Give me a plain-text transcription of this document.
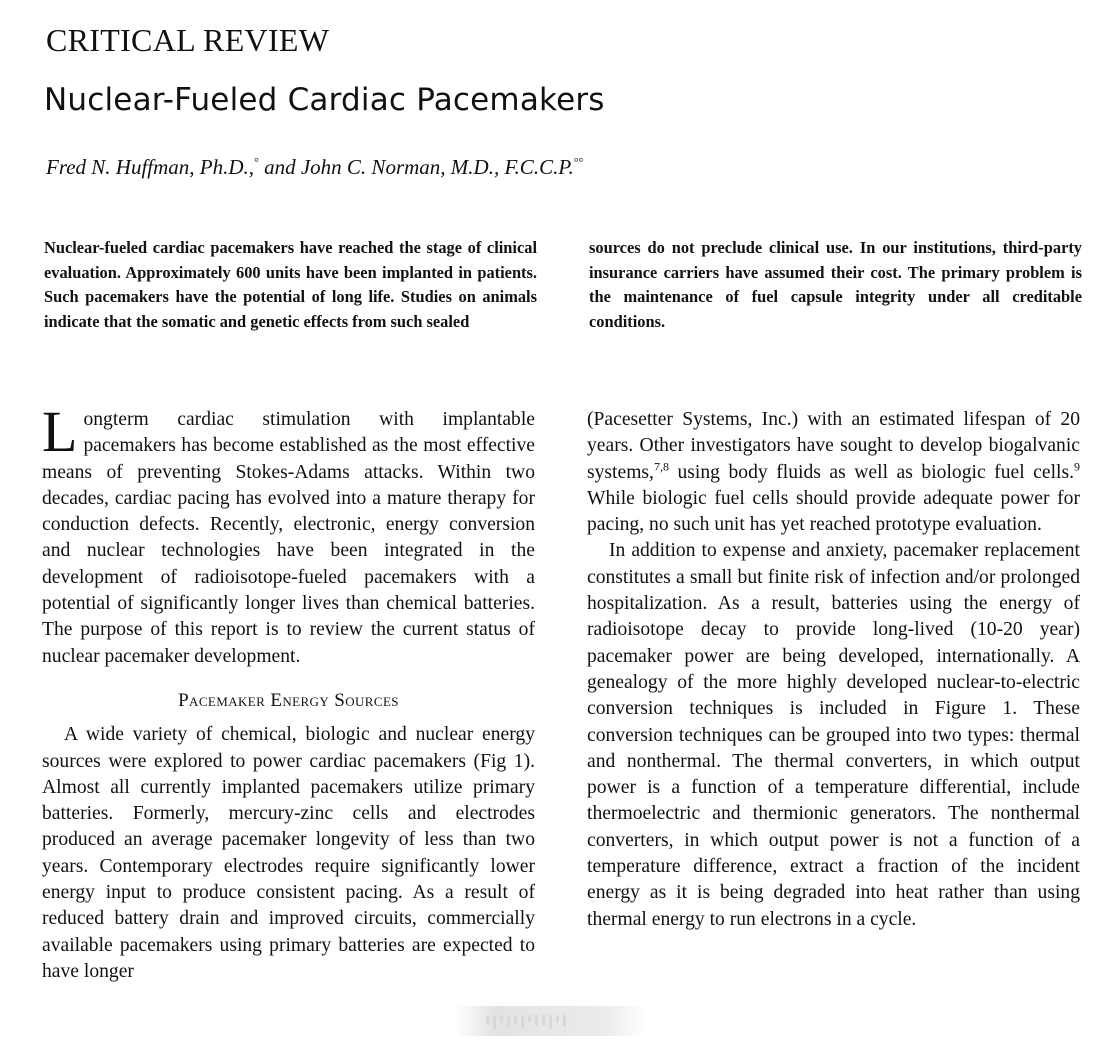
CRITICAL REVIEW
Nuclear-Fueled Cardiac Pacemakers
Fred N. Huffman, Ph.D.,° and John C. Norman, M.D., F.C.C.P.°°
Nuclear-fueled cardiac pacemakers have reached the stage of clinical evaluation. Approximately 600 units have been implanted in patients. Such pacemakers have the potential of long life. Studies on animals indicate that the somatic and genetic effects from such sealed
sources do not preclude clinical use. In our institutions, third-party insurance carriers have assumed their cost. The primary problem is the maintenance of fuel capsule integrity under all creditable conditions.

Longterm cardiac stimulation with implantable pacemakers has become established as the most effective means of preventing Stokes-Adams attacks. Within two decades, cardiac pacing has evolved into a mature therapy for conduction defects. Recently, electronic, energy conversion and nuclear technologies have been integrated in the development of radioisotope-fueled pacemakers with a potential of significantly longer lives than chemical batteries. The purpose of this report is to review the current status of nuclear pacemaker development.

Pacemaker Energy Sources

A wide variety of chemical, biologic and nuclear energy sources were explored to power cardiac pacemakers (Fig 1). Almost all currently implanted pacemakers utilize primary batteries. Formerly, mercury-zinc cells and electrodes produced an average pacemaker longevity of less than two years. Contemporary electrodes require significantly lower energy input to produce consistent pacing. As a result of reduced battery drain and improved circuits, commercially available pacemakers using primary batteries are expected to have longer

(Pacesetter Systems, Inc.) with an estimated lifespan of 20 years. Other investigators have sought to develop biogalvanic systems,$^{7,8}$ using body fluids as well as biologic fuel cells.$^9$ While biologic fuel cells should provide adequate power for pacing, no such unit has yet reached prototype evaluation.

In addition to expense and anxiety, pacemaker replacement constitutes a small but finite risk of infection and/or prolonged hospitalization. As a result, batteries using the energy of radioisotope decay to provide long-lived (10-20 year) pacemaker power are being developed, internationally. A genealogy of the more highly developed nuclear-to-electric conversion techniques is included in Figure 1. These conversion techniques can be grouped into two types: thermal and nonthermal. The thermal converters, in which output power is a function of a temperature differential, include thermoelectric and thermionic generators. The nonthermal converters, in which output power is not a function of a temperature difference, extract a fraction of the incident energy as it is being degraded into heat rather than using thermal energy to run electrons in a cycle.
